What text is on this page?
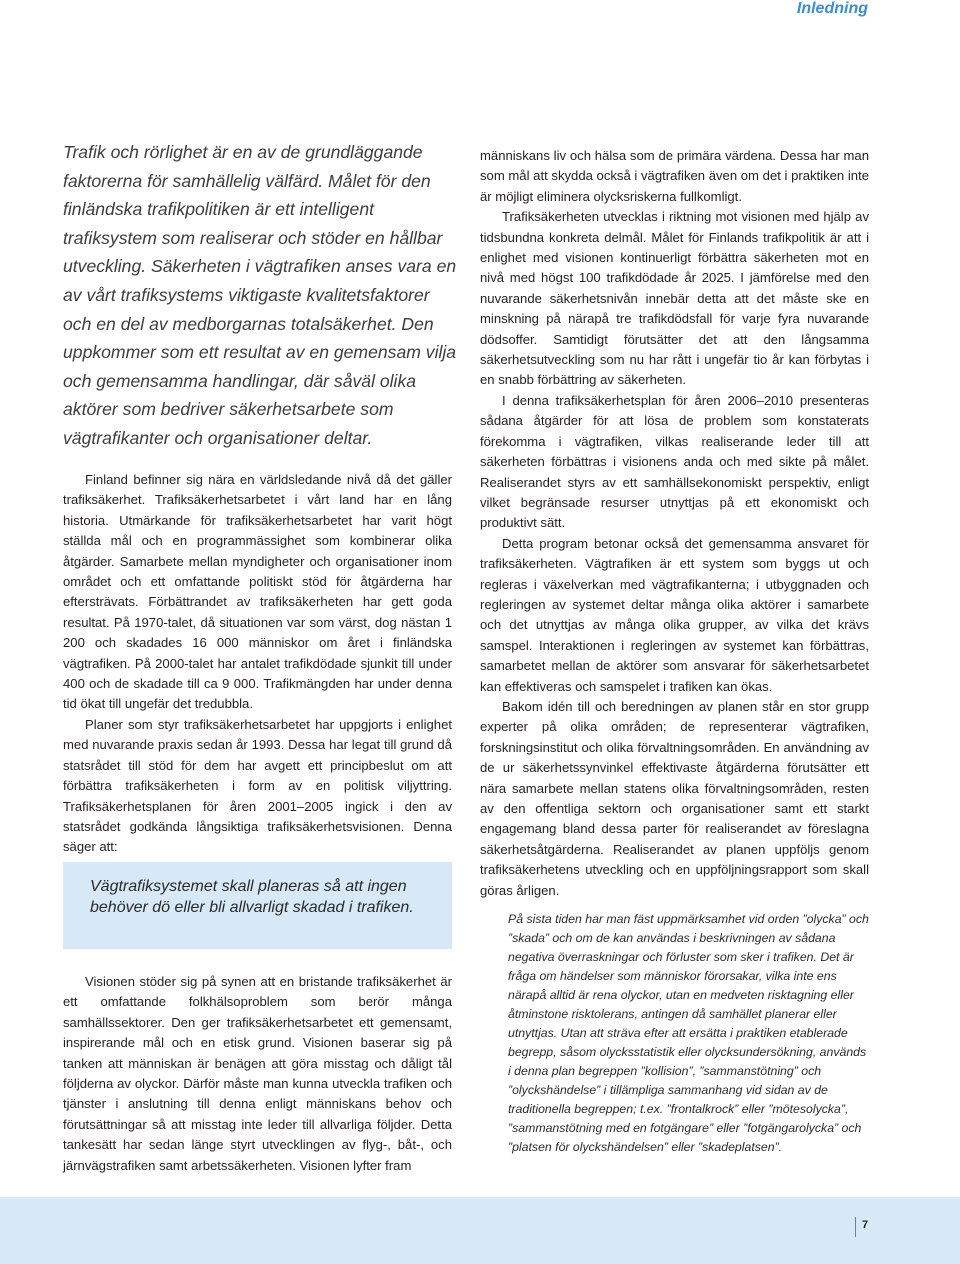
Inledning

Trafik och rörlighet är en av de grundläggande faktorerna för samhällelig välfärd. Målet för den finländska trafikpolitiken är ett intelligent trafiksystem som realiserar och stöder en hållbar utveckling. Säkerheten i vägtrafiken anses vara en av vårt trafiksystems viktigaste kvalitetsfaktorer och en del av medborgarnas totalsäkerhet. Den uppkommer som ett resultat av en gemensam vilja och gemensamma handlingar, där såväl olika aktörer som bedriver säkerhetsarbete som vägtrafikanter och organisationer deltar.

Finland befinner sig nära en världsledande nivå då det gäller trafiksäkerhet. Trafiksäkerhetsarbetet i vårt land har en lång historia. Utmärkande för trafiksäkerhetsarbetet har varit högt ställda mål och en programmässighet som kombinerar olika åtgärder. Samarbete mellan myndigheter och organisationer inom området och ett omfattande politiskt stöd för åtgärderna har eftersträvats. Förbättrandet av trafiksäkerheten har gett goda resultat. På 1970-talet, då situationen var som värst, dog nästan 1 200 och skadades 16 000 människor om året i finländska vägtrafiken. På 2000-talet har antalet trafikdödade sjunkit till under 400 och de skadade till ca 9 000. Trafikmängden har under denna tid ökat till ungefär det tredubbla.

Planer som styr trafiksäkerhetsarbetet har uppgjorts i enlighet med nuvarande praxis sedan år 1993. Dessa har legat till grund då statsrådet till stöd för dem har avgett ett principbeslut om att förbättra trafiksäkerheten i form av en politisk viljyttring. Trafiksäkerhetsplanen för åren 2001–2005 ingick i den av statsrådet godkända långsiktiga trafiksäkerhetsvisionen. Denna säger att:

Vägtrafiksystemet skall planeras så att ingen behöver dö eller bli allvarligt skadad i trafiken.

Visionen stöder sig på synen att en bristande trafiksäkerhet är ett omfattande folkhälsoproblem som berör många samhällssektorer. Den ger trafiksäkerhetsarbetet ett gemensamt, inspirerande mål och en etisk grund. Visionen baserar sig på tanken att människan är benägen att göra misstag och dåligt tål följderna av olyckor. Därför måste man kunna utveckla trafiken och tjänster i anslutning till denna enligt människans behov och förutsättningar så att misstag inte leder till allvarliga följder. Detta tankesätt har sedan länge styrt utvecklingen av flyg-, båt-, och järnvägstrafiken samt arbetssäkerheten. Visionen lyfter fram

människans liv och hälsa som de primära värdena. Dessa har man som mål att skydda också i vägtrafiken även om det i praktiken inte är möjligt eliminera olycksriskerna fullkomligt.

Trafiksäkerheten utvecklas i riktning mot visionen med hjälp av tidsbundna konkreta delmål. Målet för Finlands trafikpolitik är att i enlighet med visionen kontinuerligt förbättra säkerheten mot en nivå med högst 100 trafikdödade år 2025. I jämförelse med den nuvarande säkerhetsnivån innebär detta att det måste ske en minskning på närapå tre trafikdödsfall för varje fyra nuvarande dödsoffer. Samtidigt förutsätter det att den långsamma säkerhetsutveckling som nu har rått i ungefär tio år kan förbytas i en snabb förbättring av säkerheten.

I denna trafiksäkerhetsplan för åren 2006–2010 presenteras sådana åtgärder för att lösa de problem som konstaterats förekomma i vägtrafiken, vilkas realiserande leder till att säkerheten förbättras i visionens anda och med sikte på målet. Realiserandet styrs av ett samhällsekonomiskt perspektiv, enligt vilket begränsade resurser utnyttjas på ett ekonomiskt och produktivt sätt.

Detta program betonar också det gemensamma ansvaret för trafiksäkerheten. Vägtrafiken är ett system som byggs ut och regleras i växelverkan med vägtrafikanterna; i utbyggnaden och regleringen av systemet deltar många olika aktörer i samarbete och det utnyttjas av många olika grupper, av vilka det krävs samspel. Interaktionen i regleringen av systemet kan förbättras, samarbetet mellan de aktörer som ansvarar för säkerhetsarbetet kan effektiveras och samspelet i trafiken kan ökas.

Bakom idén till och beredningen av planen står en stor grupp experter på olika områden; de representerar vägtrafiken, forskningsinstitut och olika förvaltningsområden. En användning av de ur säkerhetssynvinkel effektivaste åtgärderna förutsätter ett nära samarbete mellan statens olika förvaltningsområden, resten av den offentliga sektorn och organisationer samt ett starkt engagemang bland dessa parter för realiserandet av föreslagna säkerhetsåtgärderna. Realiserandet av planen uppföljs genom trafiksäkerhetens utveckling och en uppföljningsrapport som skall göras årligen.

På sista tiden har man fäst uppmärksamhet vid orden ”olycka” och ”skada” och om de kan användas i beskrivningen av sådana negativa överraskningar och förluster som sker i trafiken. Det är fråga om händelser som människor förorsakar, vilka inte ens närapå alltid är rena olyckor, utan en medveten risktagning eller åtminstone risktolerans, antingen då samhället planerar eller utnyttjas. Utan att sträva efter att ersätta i praktiken etablerade begrepp, såsom olycksstatistik eller olycksundersökning, används i denna plan begreppen ”kollision”, ”sammanstötning” och ”olyckshändelse” i tillämpliga sammanhang vid sidan av de traditionella begreppen; t.ex. ”frontalkrock” eller ”mötesolycka”, ”sammanstötning med en fotgängare” eller ”fotgängarolycka” och ”platsen för olyckshändelsen” eller ”skadeplatsen”.

7
